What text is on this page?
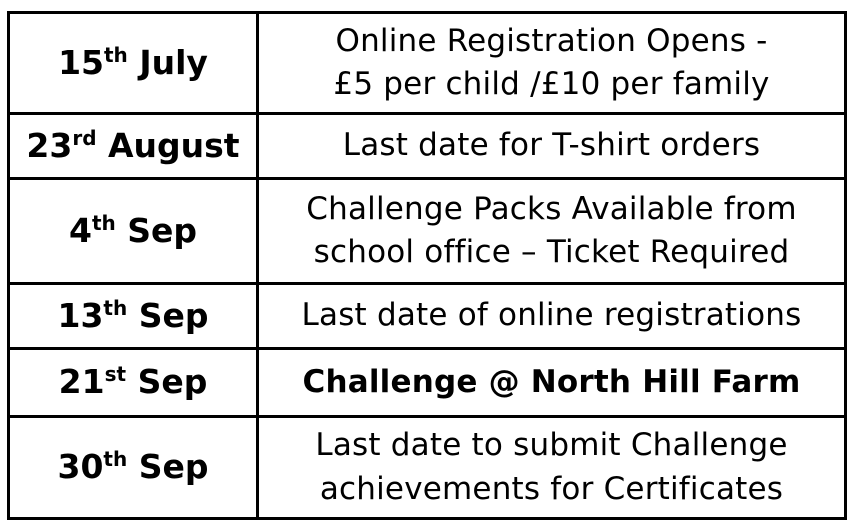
15th July	Online Registration Opens -
£5 per child /£10 per family
23rd August	Last date for T-shirt orders
4th Sep	Challenge Packs Available from
school office – Ticket Required
13th Sep	Last date of online registrations
21st Sep	Challenge @ North Hill Farm
30th Sep	Last date to submit Challenge
achievements for Certificates
